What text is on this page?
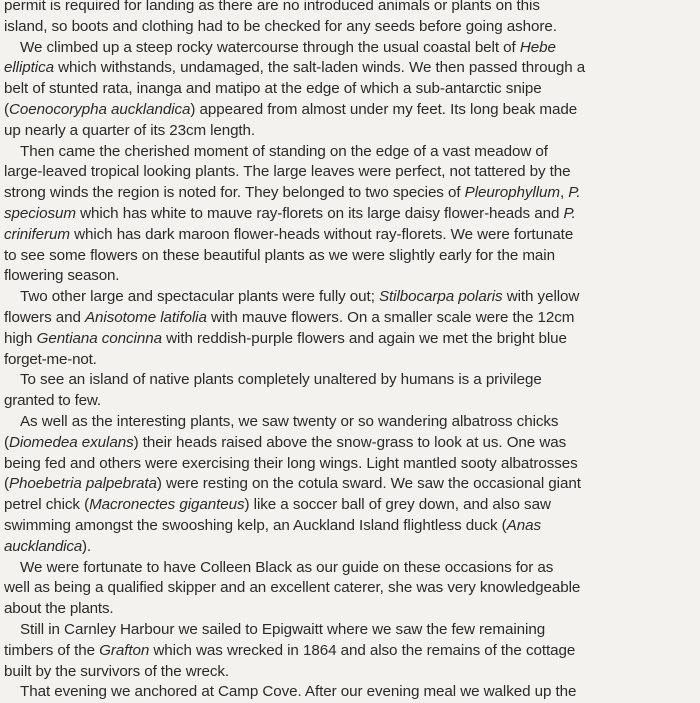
permit is required for landing as there are no introduced animals or plants on this
island, so boots and clothing had to be checked for any seeds before going ashore.
We climbed up a steep rocky watercourse through the usual coastal belt of Hebe
elliptica which withstands, undamaged, the salt-laden winds. We then passed through a
belt of stunted rata, inanga and matipo at the edge of which a sub-antarctic snipe
(Coenocorypha aucklandica) appeared from almost under my feet. Its long beak made
up nearly a quarter of its 23cm length.
Then came the cherished moment of standing on the edge of a vast meadow of
large-leaved tropical looking plants. The large leaves were perfect, not tattered by the
strong winds the region is noted for. They belonged to two species of Pleurophyllum, P.
speciosum which has white to mauve ray-florets on its large daisy flower-heads and P.
criniferum which has dark maroon flower-heads without ray-florets. We were fortunate
to see some flowers on these beautiful plants as we were slightly early for the main
flowering season.
Two other large and spectacular plants were fully out; Stilbocarpa polaris with yellow
flowers and Anisotome latifolia with mauve flowers. On a smaller scale were the 12cm
high Gentiana concinna with reddish-purple flowers and again we met the bright blue
forget-me-not.
To see an island of native plants completely unaltered by humans is a privilege
granted to few.
As well as the interesting plants, we saw twenty or so wandering albatross chicks
(Diomedea exulans) their heads raised above the snow-grass to look at us. One was
being fed and others were exercising their long wings. Light mantled sooty albatrosses
(Phoebetria palpebrata) were resting on the cotula sward. We saw the occasional giant
petrel chick (Macronectes giganteus) like a soccer ball of grey down, and also saw
swimming amongst the swooshing kelp, an Auckland Island flightless duck (Anas
aucklandica).
We were fortunate to have Colleen Black as our guide on these occasions for as
well as being a qualified skipper and an excellent caterer, she was very knowledgeable
about the plants.
Still in Carnley Harbour we sailed to Epigwaitt where we saw the few remaining
timbers of the Grafton which was wrecked in 1864 and also the remains of the cottage
built by the survivors of the wreck.
That evening we anchored at Camp Cove. After our evening meal we walked up the
